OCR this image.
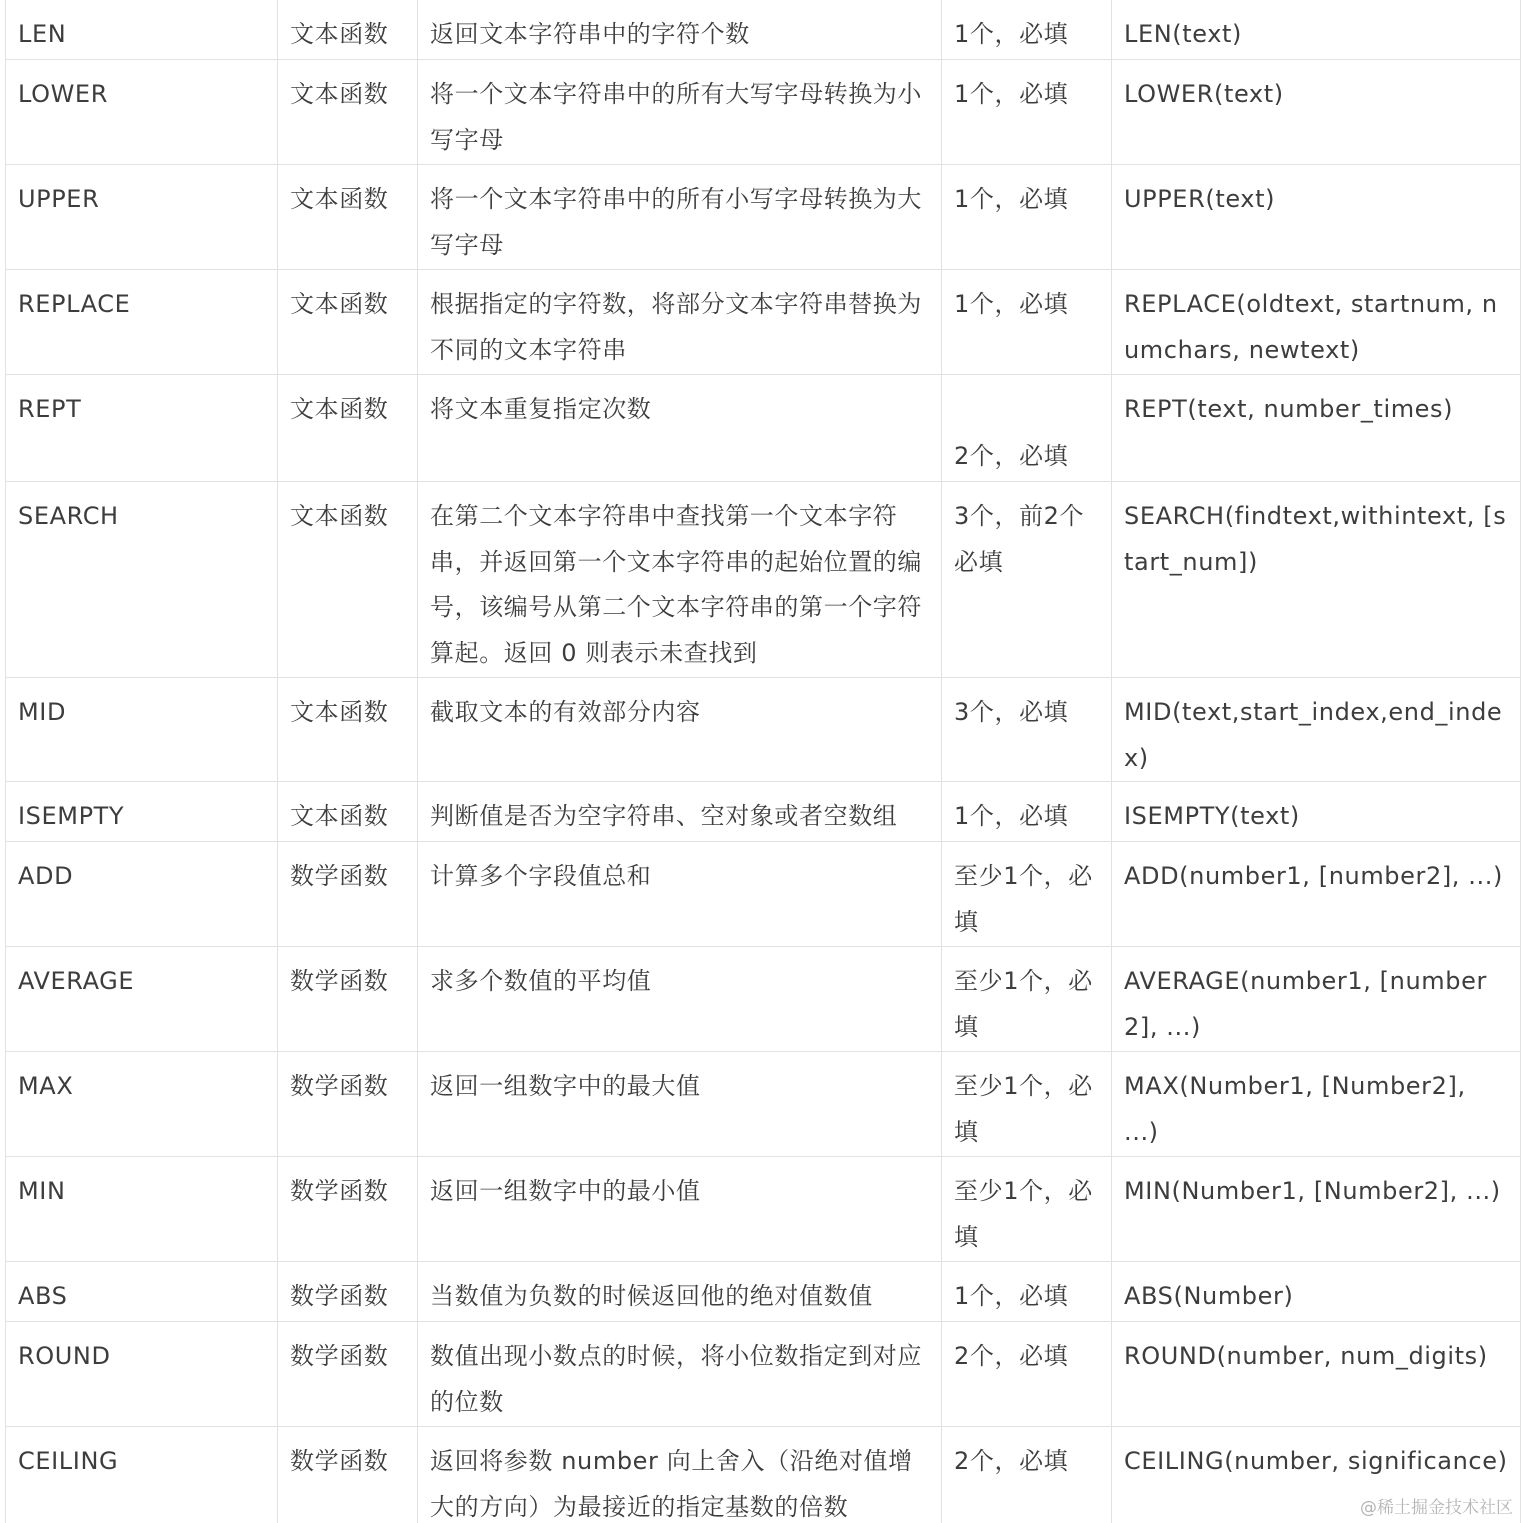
LEN	文本函数	返回文本字符串中的字符个数	1个，必填	LEN(text)
LOWER	文本函数	将一个文本字符串中的所有大写字母转换为小写字母	1个，必填	LOWER(text)
UPPER	文本函数	将一个文本字符串中的所有小写字母转换为大写字母	1个，必填	UPPER(text)
REPLACE	文本函数	根据指定的字符数，将部分文本字符串替换为不同的文本字符串	1个，必填	REPLACE(oldtext, startnum, numchars, newtext)
REPT	文本函数	将文本重复指定次数	2个，必填	REPT(text, number_times)
SEARCH	文本函数	在第二个文本字符串中查找第一个文本字符串，并返回第一个文本字符串的起始位置的编号，该编号从第二个文本字符串的第一个字符算起。返回 0 则表示未查找到	3个，前2个必填	SEARCH(findtext,withintext, [start_num])
MID	文本函数	截取文本的有效部分内容	3个，必填	MID(text,start_index,end_index)
ISEMPTY	文本函数	判断值是否为空字符串、空对象或者空数组	1个，必填	ISEMPTY(text)
ADD	数学函数	计算多个字段值总和	至少1个，必填	ADD(number1, [number2], ...)
AVERAGE	数学函数	求多个数值的平均值	至少1个，必填	AVERAGE(number1, [number2], ...)
MAX	数学函数	返回一组数字中的最大值	至少1个，必填	MAX(Number1, [Number2], ...)
MIN	数学函数	返回一组数字中的最小值	至少1个，必填	MIN(Number1, [Number2], ...)
ABS	数学函数	当数值为负数的时候返回他的绝对值数值	1个，必填	ABS(Number)
ROUND	数学函数	数值出现小数点的时候，将小位数指定到对应的位数	2个，必填	ROUND(number, num_digits)
CEILING	数学函数	返回将参数 number 向上舍入（沿绝对值增大的方向）为最接近的指定基数的倍数	2个，必填	CEILING(number, significance)
@稀土掘金技术社区
